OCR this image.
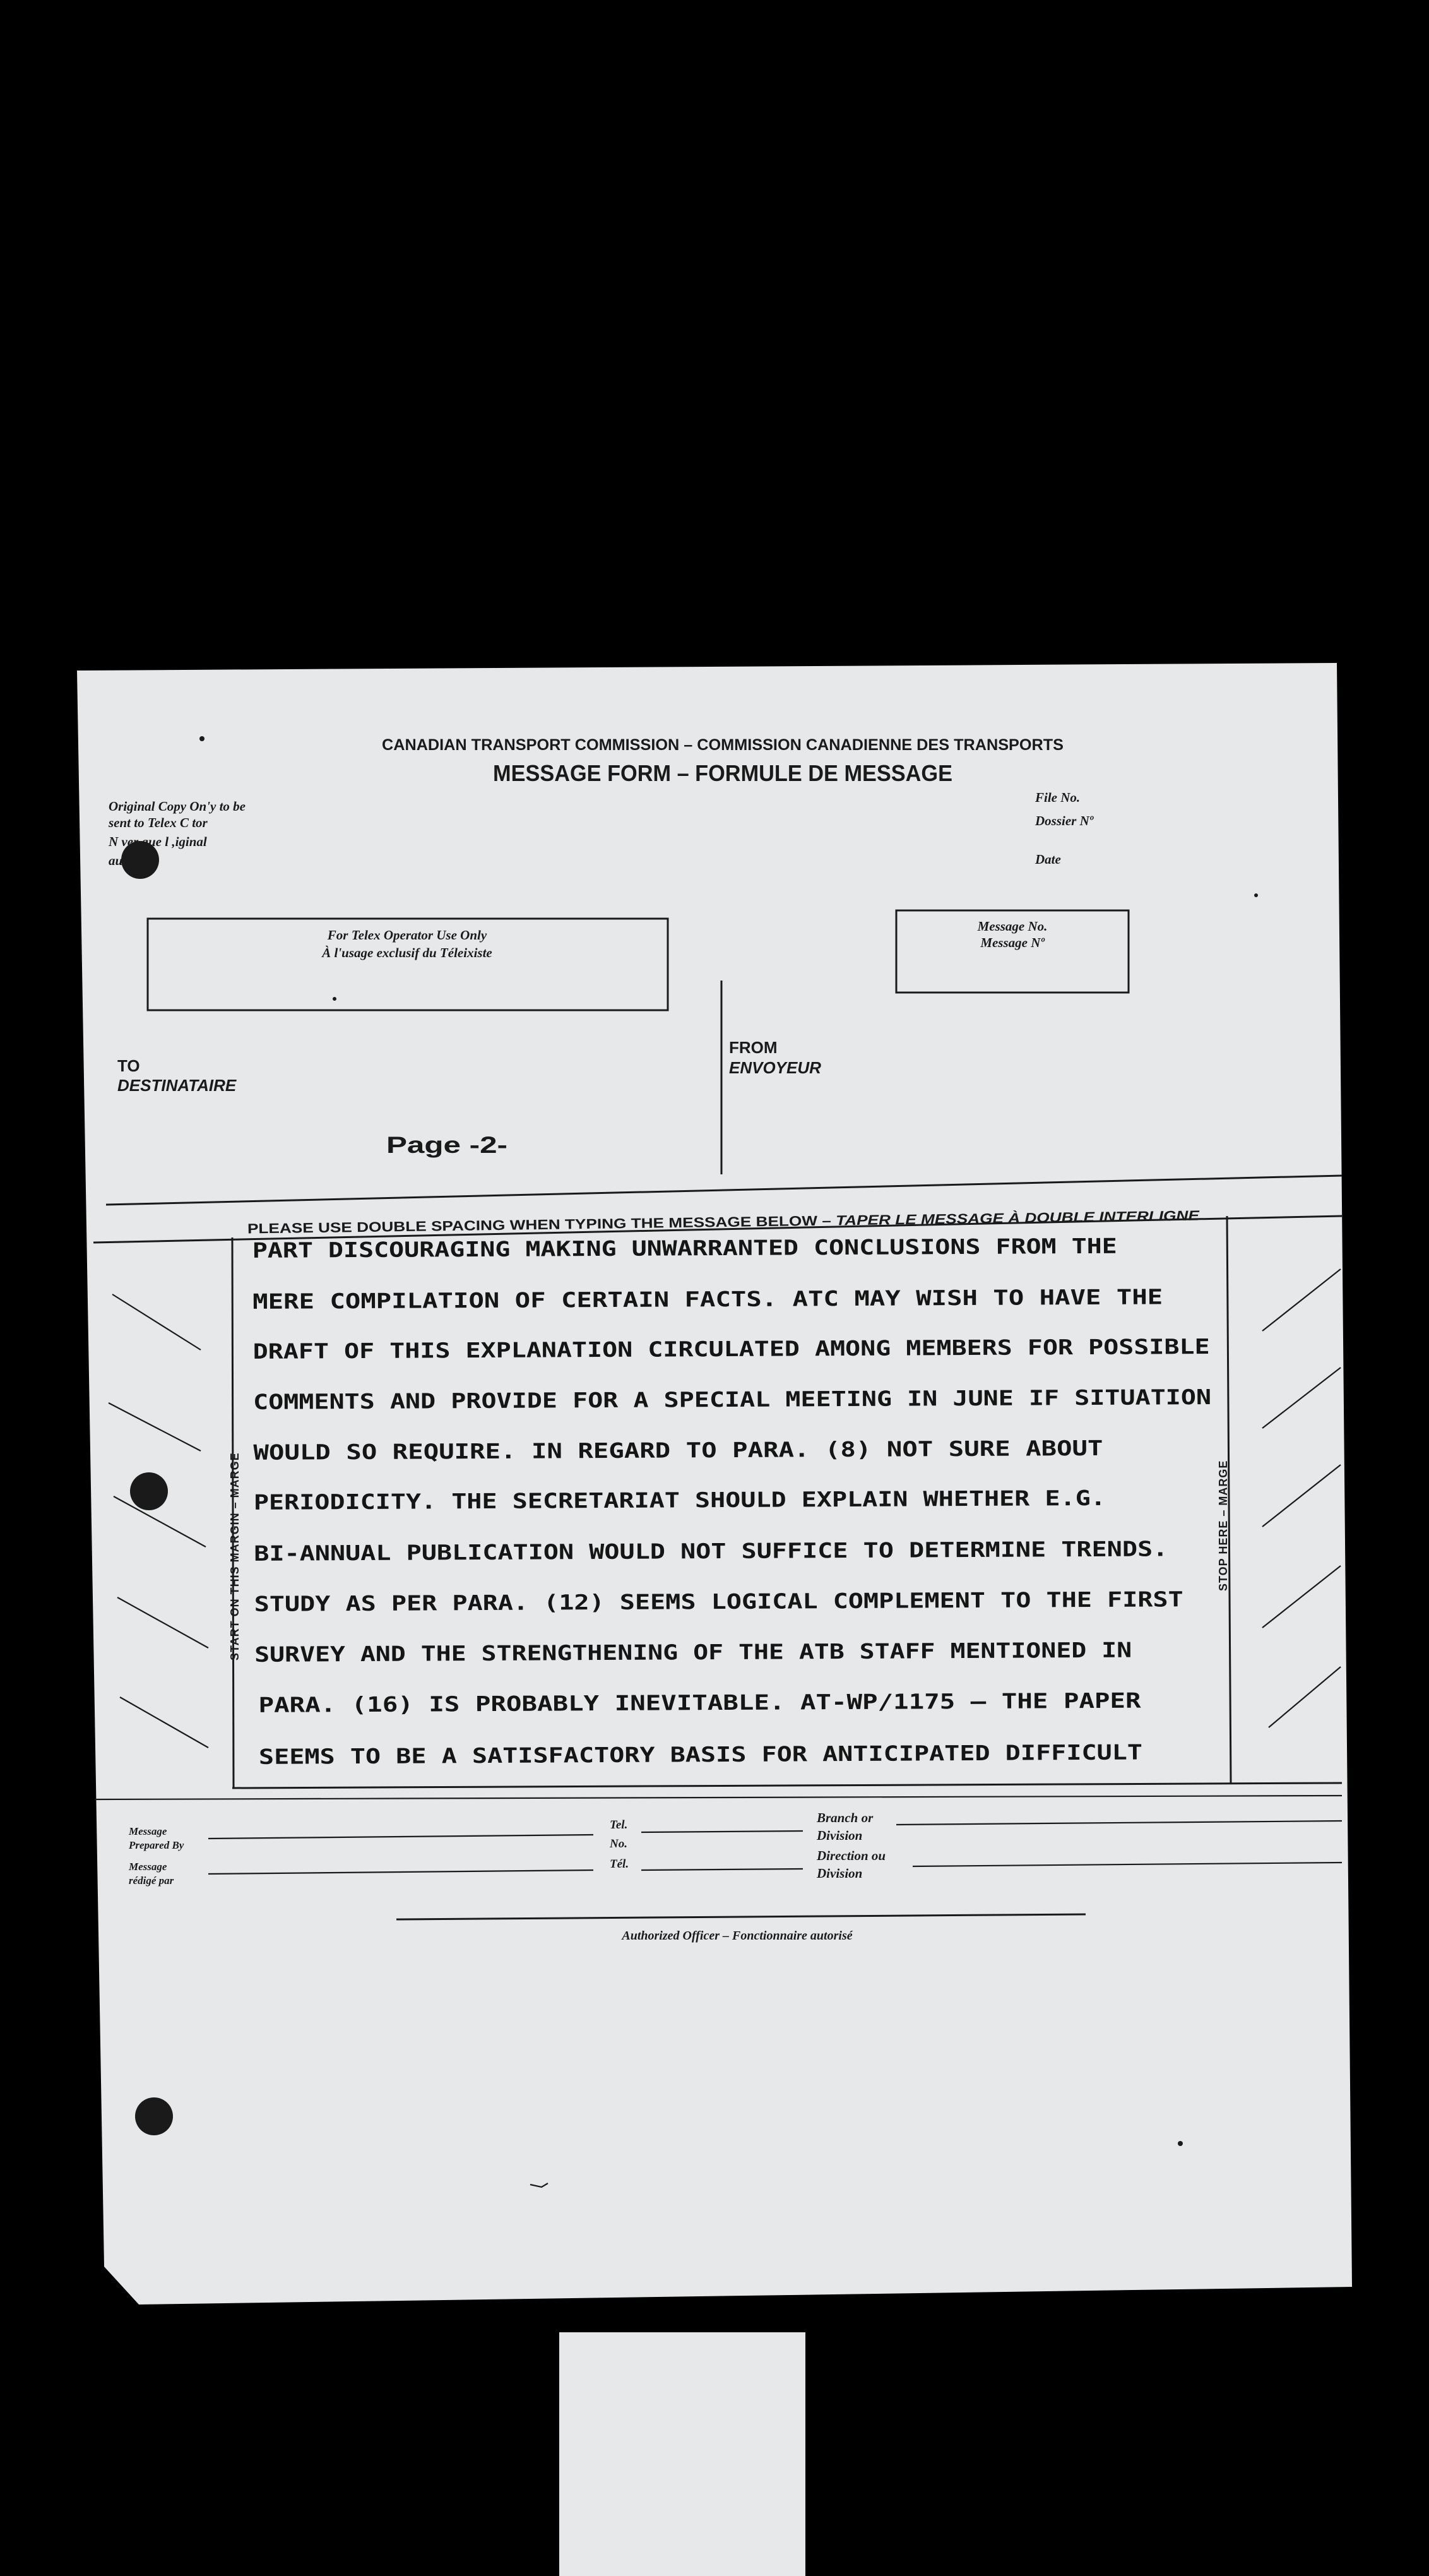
CANADIAN TRANSPORT COMMISSION – COMMISSION CANADIENNE DES TRANSPORTS
MESSAGE FORM – FORMULE DE MESSAGE
Original Copy On'y to be
sent to Telex C tor
N ver que l ,iginal
au existe
File No.
Dossier Nº
Date
For Telex Operator Use Only
À l'usage exclusif du Téleixiste
Message No.
Message Nº
TO
DESTINATAIRE
FROM
ENVOYEUR
Page -2-
PLEASE USE DOUBLE SPACING WHEN TYPING THE MESSAGE BELOW –	TAPER LE MESSAGE À DOUBLE INTERLIGNE
START ON THIS MARGIN – MARGE	STOP HERE – MARGE
PART DISCOURAGING MAKING UNWARRANTED CONCLUSIONS FROM THE
MERE COMPILATION OF CERTAIN FACTS. ATC MAY WISH TO HAVE THE
DRAFT OF THIS EXPLANATION CIRCULATED AMONG MEMBERS FOR POSSIBLE
COMMENTS AND PROVIDE FOR A SPECIAL MEETING IN JUNE IF SITUATION
WOULD SO REQUIRE. IN REGARD TO PARA. (8) NOT SURE ABOUT
PERIODICITY. THE SECRETARIAT SHOULD EXPLAIN WHETHER E.G.
BI-ANNUAL PUBLICATION WOULD NOT SUFFICE TO DETERMINE TRENDS.
STUDY AS PER PARA. (12) SEEMS LOGICAL COMPLEMENT TO THE FIRST
SURVEY AND THE STRENGTHENING OF THE ATB STAFF MENTIONED IN
PARA. (16) IS PROBABLY INEVITABLE. AT-WP/1175 – THE PAPER
SEEMS TO BE A SATISFACTORY BASIS FOR ANTICIPATED DIFFICULT
Message
Prepared By
Message
rédigé par
Tel.
No.
Tél.
Branch or
Division
Direction ou
Division
Authorized Officer – Fonctionnaire autorisé
